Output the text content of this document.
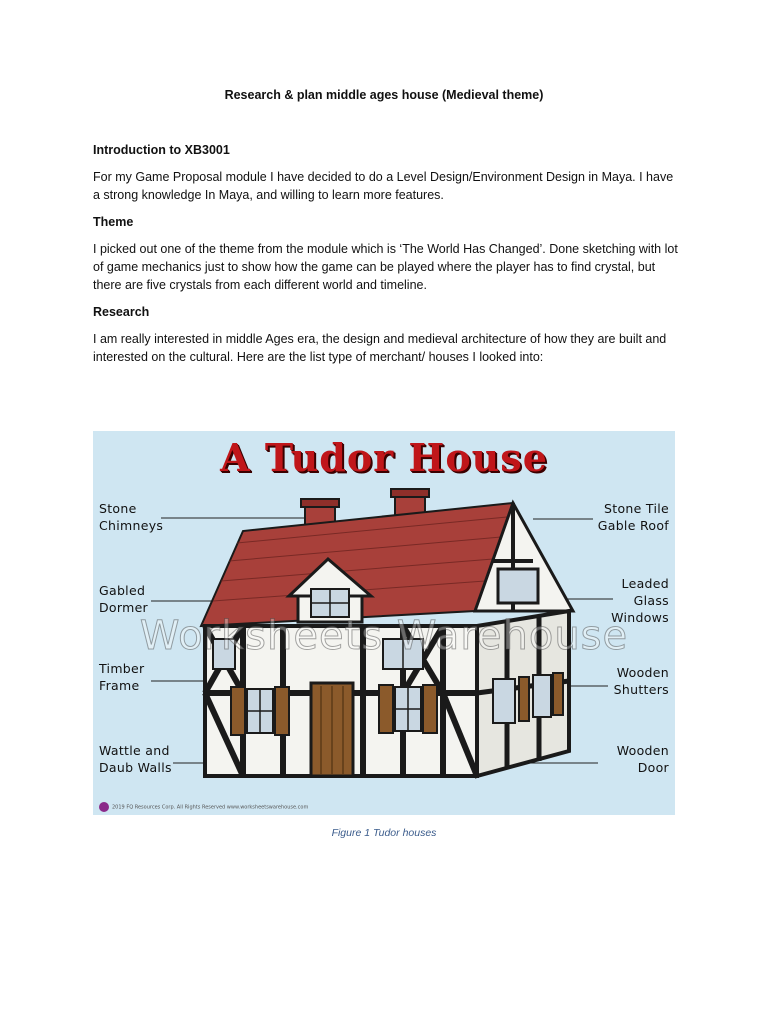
Research & plan middle ages house (Medieval theme)
Introduction to XB3001
For my Game Proposal module I have decided to do a Level Design/Environment Design in Maya. I have a strong knowledge In Maya, and willing to learn more features.
Theme
I picked out one of the theme from the module which is ‘The World Has Changed’. Done sketching with lot of game mechanics just to show how the game can be played where the player has to find crystal, but there are five crystals from each different world and timeline.
Research
I am really interested in middle Ages era, the design and medieval architecture of how they are built and interested on the cultural. Here are the list type of merchant/ houses I looked into:
A Tudor House
Worksheets Warehouse
Stone
Chimneys
Gabled
Dormer
Timber
Frame
Wattle and
Daub Walls
Stone Tile
Gable Roof
Leaded
Glass
Windows
Wooden
Shutters
Wooden
Door
2019 FQ Resources Corp. All Rights Reserved www.worksheetswarehouse.com
Figure 1 Tudor houses
